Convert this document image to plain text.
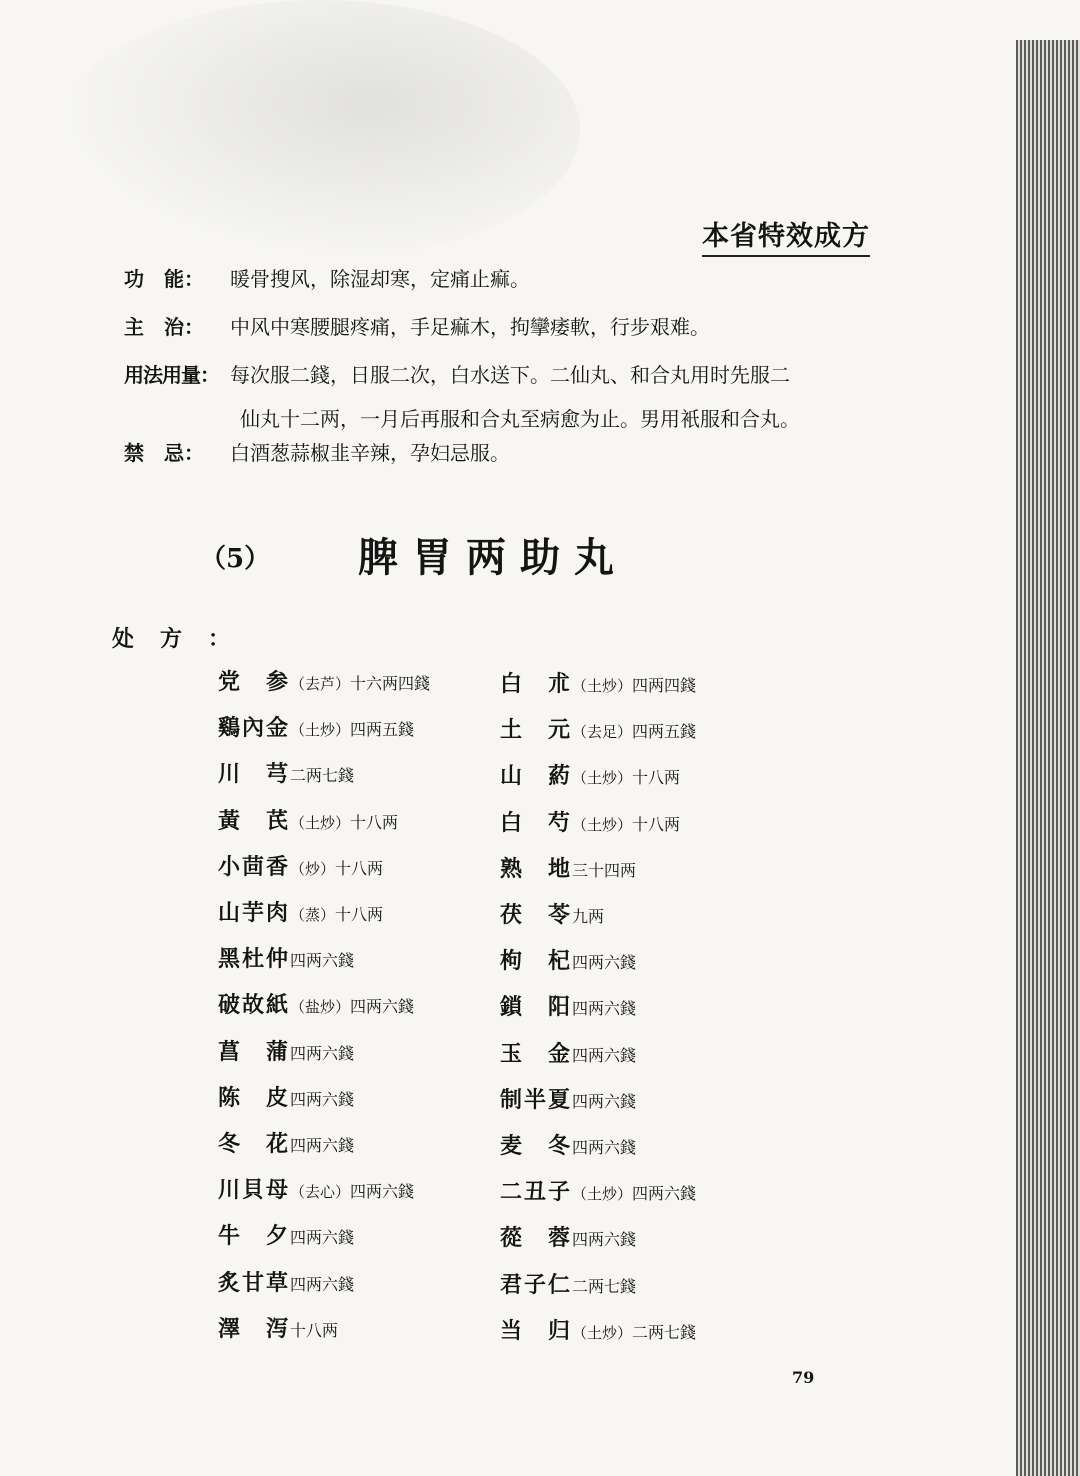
本省特效成方
功　能： 暖骨搜风，除湿却寒，定痛止痲。
主　治： 中风中寒腰腿疼痛，手足痲木，拘攣痿軟，行步艰难。
用法用量： 每次服二錢，日服二次，白水送下。二仙丸、和合丸用时先服二
仙丸十二两，一月后再服和合丸至病愈为止。男用衹服和合丸。
禁　忌： 白酒葱蒜椒韭辛辣，孕妇忌服。
（5） 脾胃两助丸
处方：
党　参（去芦）十六两四錢
鷄內金（土炒）四两五錢
川　芎二两七錢
黃　芪（土炒）十八两
小茴香（炒）十八两
山芋肉（蒸）十八两
黑杜仲四两六錢
破故紙（盐炒）四两六錢
菖　蒲四两六錢
陈　皮四两六錢
冬　花四两六錢
川貝母（去心）四两六錢
牛　夕四两六錢
炙甘草四两六錢
澤　泻十八两
白　朮（土炒）四两四錢
土　元（去足）四两五錢
山　葯（土炒）十八两
白　芍（土炒）十八两
熟　地三十四两
茯　苓九两
枸　杞四两六錢
鎖　阳四两六錢
玉　金四两六錢
制半夏四两六錢
麦　冬四两六錢
二丑子（土炒）四两六錢
蓯　蓉四两六錢
君子仁二两七錢
当　归（土炒）二两七錢
79
